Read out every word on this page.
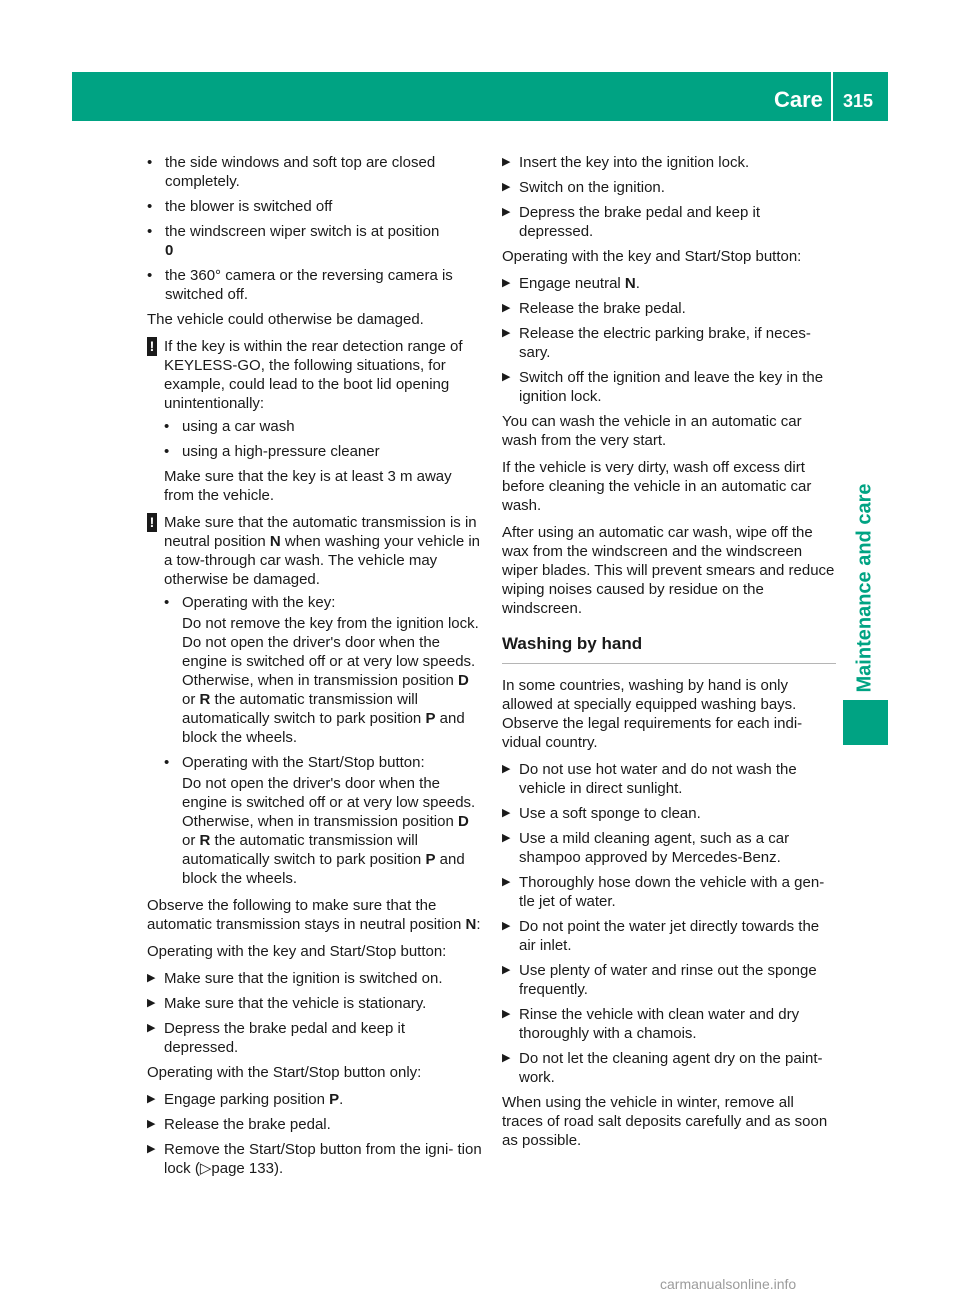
Care 315
Maintenance and care
• the side windows and soft top are closed completely.
• the blower is switched off
• the windscreen wiper switch is at position
0
• the 360° camera or the reversing camera is switched off.

The vehicle could otherwise be damaged.

! If the key is within the rear detection range of KEYLESS-GO, the following situations, for example, could lead to the boot lid opening unintentionally:
• using a car wash
• using a high-pressure cleaner
Make sure that the key is at least 3 m away from the vehicle.
! Make sure that the automatic transmission is in neutral position N when washing your vehicle in a tow-through car wash. The vehicle may otherwise be damaged.
• Operating with the key:
Do not remove the key from the ignition lock. Do not open the driver's door when the engine is switched off or at very low speeds. Otherwise, when in transmission position D or R the automatic transmission will automatically switch to park position P and block the wheels.
• Operating with the Start/Stop button:
Do not open the driver's door when the engine is switched off or at very low speeds. Otherwise, when in transmission position D or R the automatic transmission will automatically switch to park position P and block the wheels.

Observe the following to make sure that the automatic transmission stays in neutral position N:

Operating with the key and Start/Stop button:

▶ Make sure that the ignition is switched on.
▶ Make sure that the vehicle is stationary.
▶ Depress the brake pedal and keep it depressed.

Operating with the Start/Stop button only:

▶ Engage parking position P.
▶ Release the brake pedal.
▶ Remove the Start/Stop button from the igni- tion lock (▷page 133).
▶ Insert the key into the ignition lock.
▶ Switch on the ignition.
▶ Depress the brake pedal and keep it depressed.

Operating with the key and Start/Stop button:

▶ Engage neutral N.
▶ Release the brake pedal.
▶ Release the electric parking brake, if neces- sary.
▶ Switch off the ignition and leave the key in the ignition lock.

You can wash the vehicle in an automatic car wash from the very start.

If the vehicle is very dirty, wash off excess dirt before cleaning the vehicle in an automatic car wash.

After using an automatic car wash, wipe off the wax from the windscreen and the windscreen wiper blades. This will prevent smears and reduce wiping noises caused by residue on the windscreen.

Washing by hand

In some countries, washing by hand is only allowed at specially equipped washing bays. Observe the legal requirements for each indi- vidual country.

▶ Do not use hot water and do not wash the vehicle in direct sunlight.
▶ Use a soft sponge to clean.
▶ Use a mild cleaning agent, such as a car shampoo approved by Mercedes-Benz.
▶ Thoroughly hose down the vehicle with a gen- tle jet of water.
▶ Do not point the water jet directly towards the air inlet.
▶ Use plenty of water and rinse out the sponge frequently.
▶ Rinse the vehicle with clean water and dry thoroughly with a chamois.
▶ Do not let the cleaning agent dry on the paint- work.

When using the vehicle in winter, remove all traces of road salt deposits carefully and as soon as possible.

carmanualsonline.info
